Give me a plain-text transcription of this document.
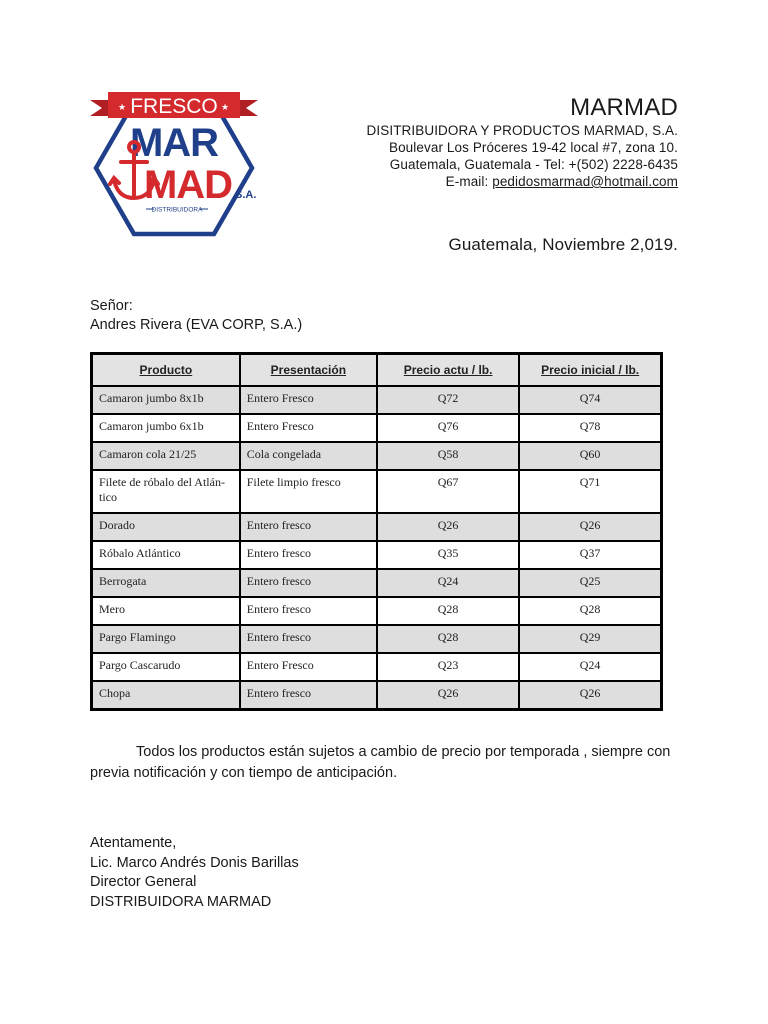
★	★
FRESCO
MAR
MAD S.A.
DISTRIBUIDORA
MARMAD
DISITRIBUIDORA Y PRODUCTOS MARMAD, S.A.
Boulevar Los Próceres 19-42 local #7, zona 10.
Guatemala, Guatemala - Tel: +(502) 2228-6435
E-mail: pedidosmarmad@hotmail.com
Guatemala, Noviembre 2,019.
Señor:
Andres Rivera (EVA CORP, S.A.)
Producto	Presentación	Precio actu / lb.	Precio inicial / lb.
Camaron jumbo 8x1b	Entero Fresco	Q72	Q74
Camaron jumbo 6x1b	Entero Fresco	Q76	Q78
Camaron cola 21/25	Cola congelada	Q58	Q60
Filete de róbalo del Atlán-tico	Filete limpio fresco	Q67	Q71
Dorado	Entero fresco	Q26	Q26
Róbalo Atlántico	Entero fresco	Q35	Q37
Berrogata	Entero fresco	Q24	Q25
Mero	Entero fresco	Q28	Q28
Pargo Flamingo	Entero fresco	Q28	Q29
Pargo Cascarudo	Entero Fresco	Q23	Q24
Chopa	Entero fresco	Q26	Q26
Todos los productos están sujetos a cambio de precio por temporada , siempre con previa notificación y con tiempo de anticipación.
Atentamente,
Lic. Marco Andrés Donis Barillas
Director General
DISTRIBUIDORA MARMAD
